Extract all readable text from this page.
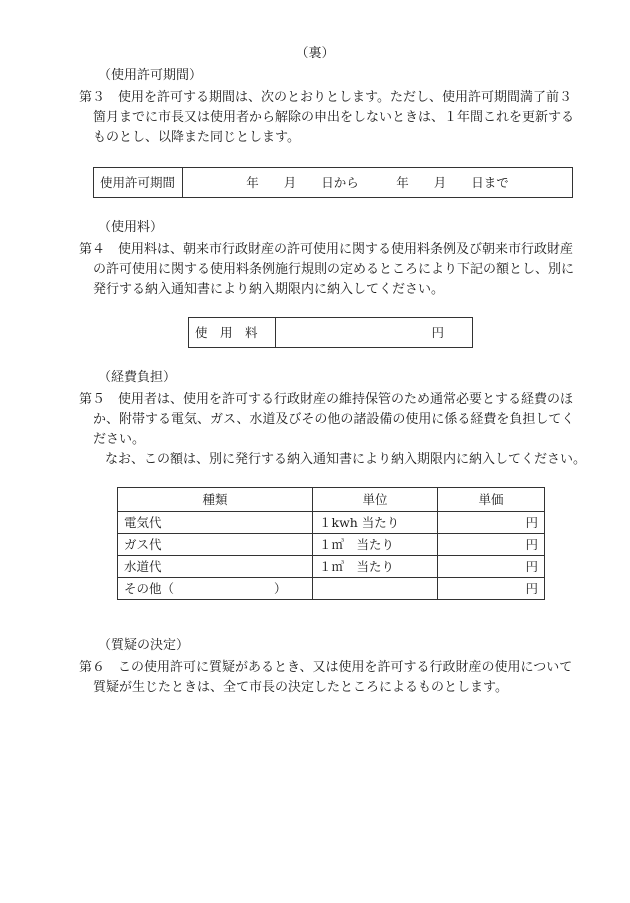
（裏）
（使用許可期間）
第３　使用を許可する期間は、次のとおりとします。ただし、使用許可期間満了前３
箇月までに市長又は使用者から解除の申出をしないときは、１年間これを更新する
ものとし、以降また同じとします。
使用許可期間	年　　月　　日から　　　年　　月　　日まで
（使用料）
第４　使用料は、朝来市行政財産の許可使用に関する使用料条例及び朝来市行政財産
の許可使用に関する使用料条例施行規則の定めるところにより下記の額とし、別に
発行する納入通知書により納入期限内に納入してください。
使　用　料	円
（経費負担）
第５　使用者は、使用を許可する行政財産の維持保管のため通常必要とする経費のほ
か、附帯する電気、ガス、水道及びその他の諸設備の使用に係る経費を負担してく
ださい。
なお、この額は、別に発行する納入通知書により納入期限内に納入してください。
種類	単位	単価
電気代	１kwh 当たり	円
ガス代	１㎥　当たり	円
水道代	１㎥　当たり	円
その他（　　　　　　　　）		円
（質疑の決定）
第６　この使用許可に質疑があるとき、又は使用を許可する行政財産の使用について
質疑が生じたときは、全て市長の決定したところによるものとします。
